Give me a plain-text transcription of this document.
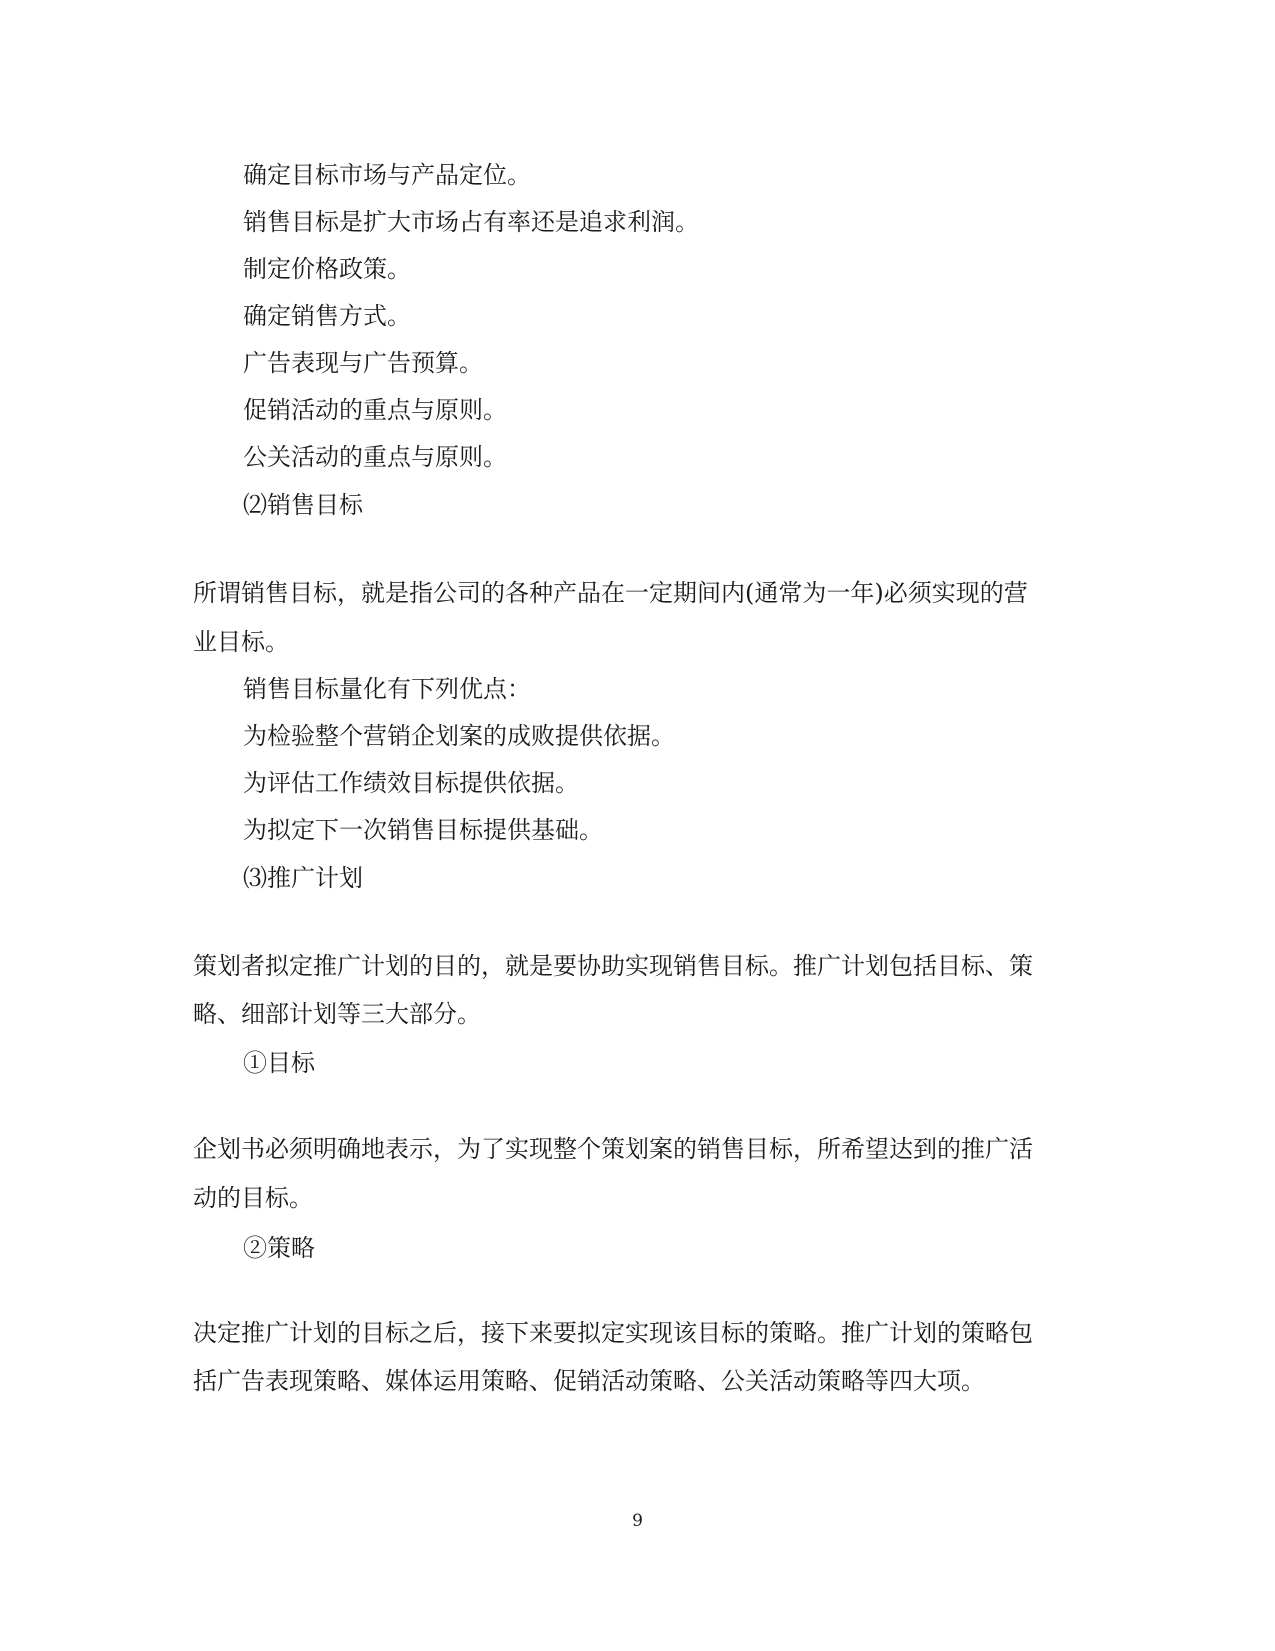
确定目标市场与产品定位。
销售目标是扩大市场占有率还是追求利润。
制定价格政策。
确定销售方式。
广告表现与广告预算。
促销活动的重点与原则。
公关活动的重点与原则。
⑵销售目标
所谓销售目标，就是指公司的各种产品在一定期间内(通常为一年)必须实现的营
业目标。
销售目标量化有下列优点：
为检验整个营销企划案的成败提供依据。
为评估工作绩效目标提供依据。
为拟定下一次销售目标提供基础。
⑶推广计划
策划者拟定推广计划的目的，就是要协助实现销售目标。推广计划包括目标、策
略、细部计划等三大部分。
①目标
企划书必须明确地表示，为了实现整个策划案的销售目标，所希望达到的推广活
动的目标。
②策略
决定推广计划的目标之后，接下来要拟定实现该目标的策略。推广计划的策略包
括广告表现策略、媒体运用策略、促销活动策略、公关活动策略等四大项。
9
